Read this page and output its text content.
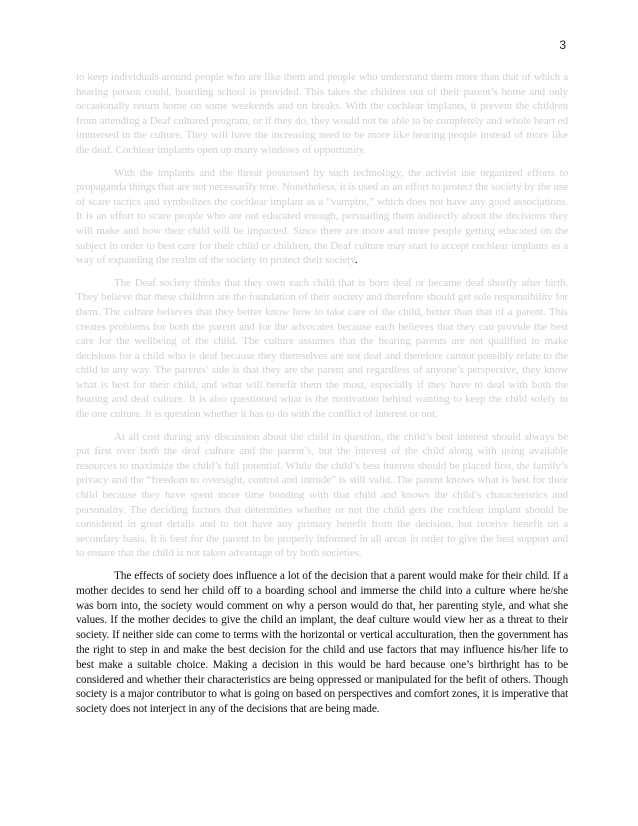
3

to keep individuals around people who are like them and people who understand them more than that of which a hearing person could, boarding school is provided. This takes the children out of their parent’s home and only occasionally return home on some weekends and on breaks. With the cochlear implants, it prevent the children from attending a Deaf cultured program, or if they do, they would not be able to be completely and whole heart ed immersed in the culture. They will have the increasing need to be more like hearing people instead of more like the deaf. Cochlear implants open up many windows of opportunity.

With the implants and the threat possessed by such technology, the activist use organized efforts to propaganda things that are not necessarily true. Nonetheless, it is used as an effort to protect the society by the use of scare tactics and symbolizes the cochlear implant as a “vampire,” which does not have any good associations. It is an effort to scare people who are not educated enough, persuading them indirectly about the decisions they will make and how their child will be impacted. Since there are more and more people getting educated on the subject in order to best care for their child or children, the Deaf culture may start to accept cochlear implants as a way of expanding the realm of the society to protect their society.

The Deaf society thinks that they own each child that is born deaf or became deaf shortly after birth. They believe that these children are the foundation of their society and therefore should get sole responsibility for them. The culture believes that they better know how to take care of the child, better than that of a parent. This creates problems for both the parent and for the advocates because each believes that they can provide the best care for the wellbeing of the child. The culture assumes that the hearing parents are not qualified to make decisions for a child who is deaf because they themselves are not deaf and therefore cannot possibly relate to the child in any way. The parents’ side is that they are the parent and regardless of anyone’s perspective, they know what is best for their child, and what will benefit them the most, especially if they have to deal with both the hearing and deaf culture. It is also questioned what is the motivation behind wanting to keep the child solely in the one culture. It is question whether it has to do with the conflict of interest or not.

At all cost during any discussion about the child in question, the child’s best interest should always be put first over both the deaf culture and the parent’s, but the interest of the child along with using available resources to maximize the child’s full potential. While the child’s best interest should be placed first, the family’s privacy and the “freedom to oversight, control and intrude” is still valid. The parent knows what is best for their child because they have spent more time bonding with that child and knows the child’s characteristics and personality. The deciding factors that determines whether or not the child gets the cochlear implant should be considered in great details and to not have any primary benefit from the decision, but receive benefit on a secondary basis. It is best for the parent to be properly informed in all areas in order to give the best support and to ensure that the child is not taken advantage of by both societies.

The effects of society does influence a lot of the decision that a parent would make for their child. If a mother decides to send her child off to a boarding school and immerse the child into a culture where he/she was born into, the society would comment on why a person would do that, her parenting style, and what she values. If the mother decides to give the child an implant, the deaf culture would view her as a threat to their society. If neither side can come to terms with the horizontal or vertical acculturation, then the government has the right to step in and make the best decision for the child and use factors that may influence his/her life to best make a suitable choice. Making a decision in this would be hard because one’s birthright has to be considered and whether their characteristics are being oppressed or manipulated for the befit of others. Though society is a major contributor to what is going on based on perspectives and comfort zones, it is imperative that society does not interject in any of the decisions that are being made.
